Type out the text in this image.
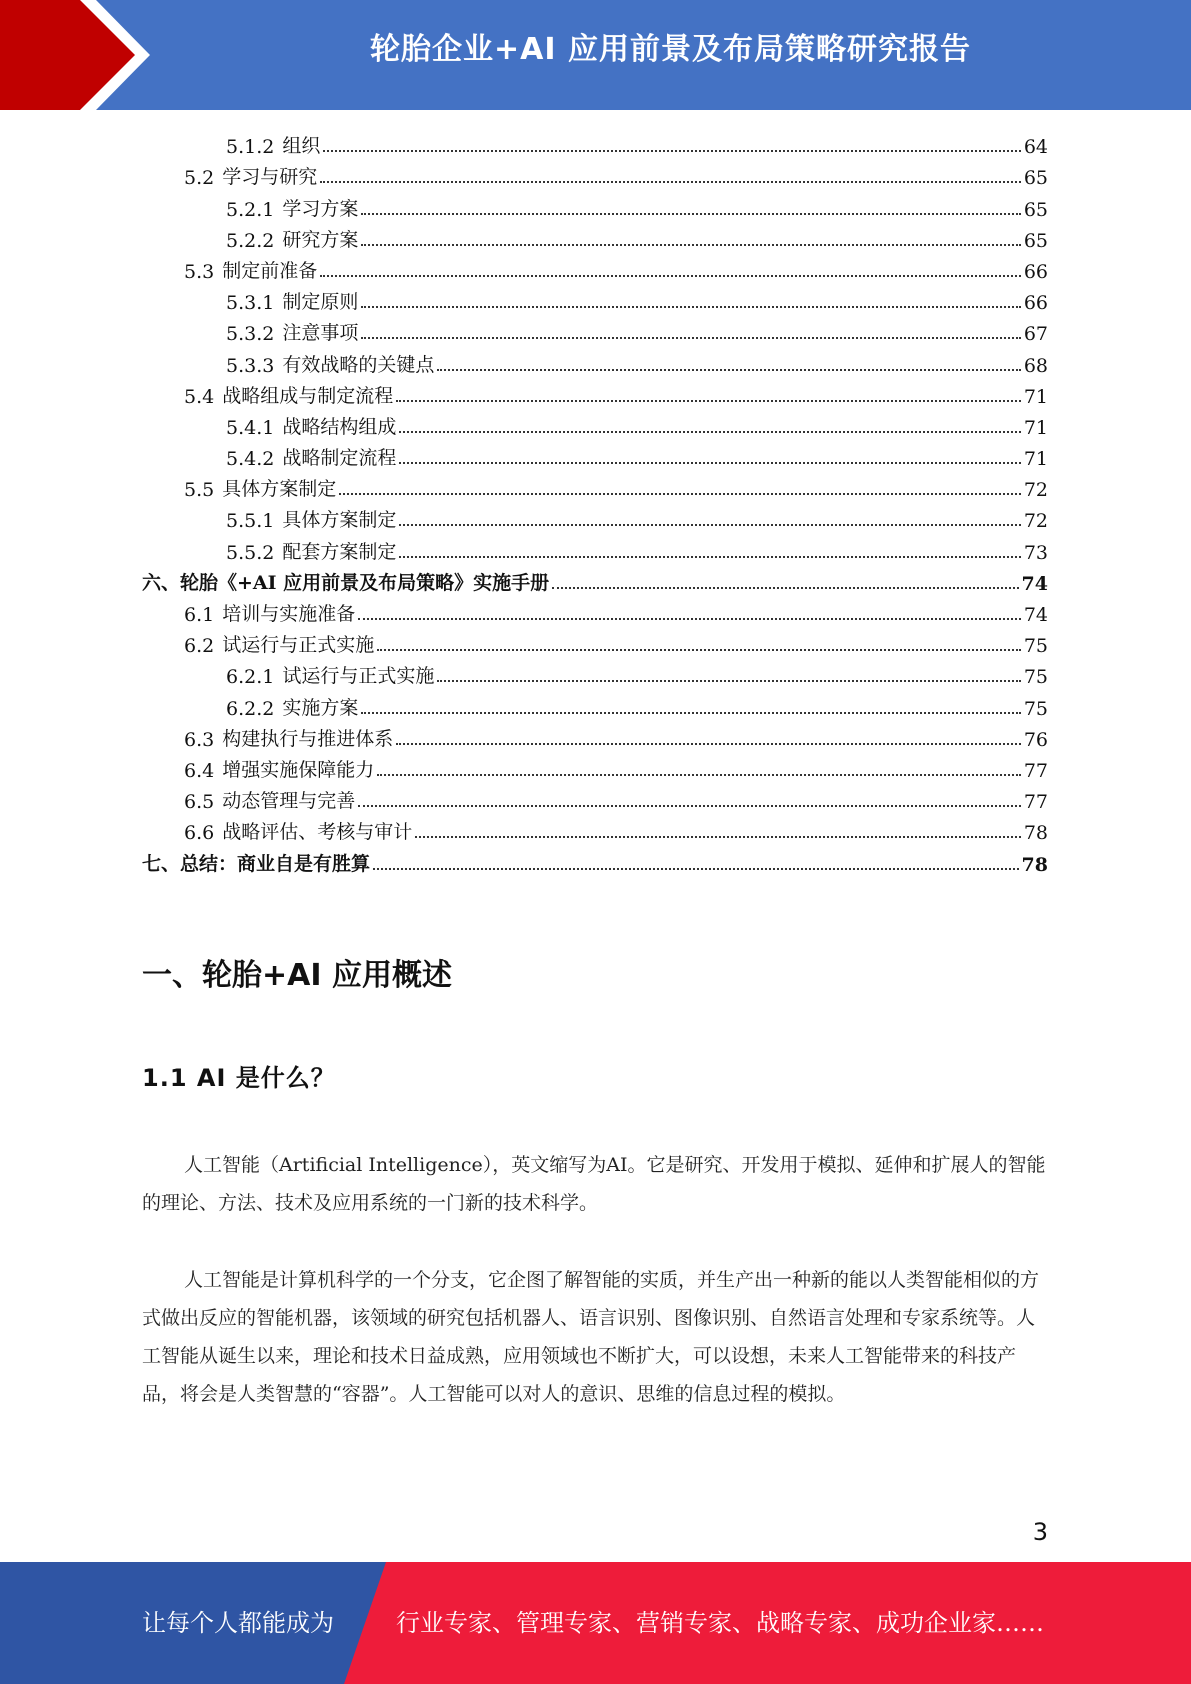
轮胎企业+AI 应用前景及布局策略研究报告
5.1.2 组织	64
5.2 学习与研究	65
5.2.1 学习方案	65
5.2.2 研究方案	65
5.3 制定前准备	66
5.3.1 制定原则	66
5.3.2 注意事项	67
5.3.3 有效战略的关键点	68
5.4 战略组成与制定流程	71
5.4.1 战略结构组成	71
5.4.2 战略制定流程	71
5.5 具体方案制定	72
5.5.1 具体方案制定	72
5.5.2 配套方案制定	73
六、轮胎《+AI 应用前景及布局策略》实施手册	74
6.1 培训与实施准备	74
6.2 试运行与正式实施	75
6.2.1 试运行与正式实施	75
6.2.2 实施方案	75
6.3 构建执行与推进体系	76
6.4 增强实施保障能力	77
6.5 动态管理与完善	77
6.6 战略评估、考核与审计	78
七、总结：商业自是有胜算	78
一、轮胎+AI 应用概述
1.1 AI 是什么？
人工智能（Artificial Intelligence），英文缩写为AI。它是研究、开发用于模拟、延伸和扩展人的智能的理论、方法、技术及应用系统的一门新的技术科学。
人工智能是计算机科学的一个分支，它企图了解智能的实质，并生产出一种新的能以人类智能相似的方式做出反应的智能机器，该领域的研究包括机器人、语言识别、图像识别、自然语言处理和专家系统等。人工智能从诞生以来，理论和技术日益成熟，应用领域也不断扩大，可以设想，未来人工智能带来的科技产品，将会是人类智慧的“容器”。人工智能可以对人的意识、思维的信息过程的模拟。
3
让每个人都能成为	行业专家、管理专家、营销专家、战略专家、成功企业家……
